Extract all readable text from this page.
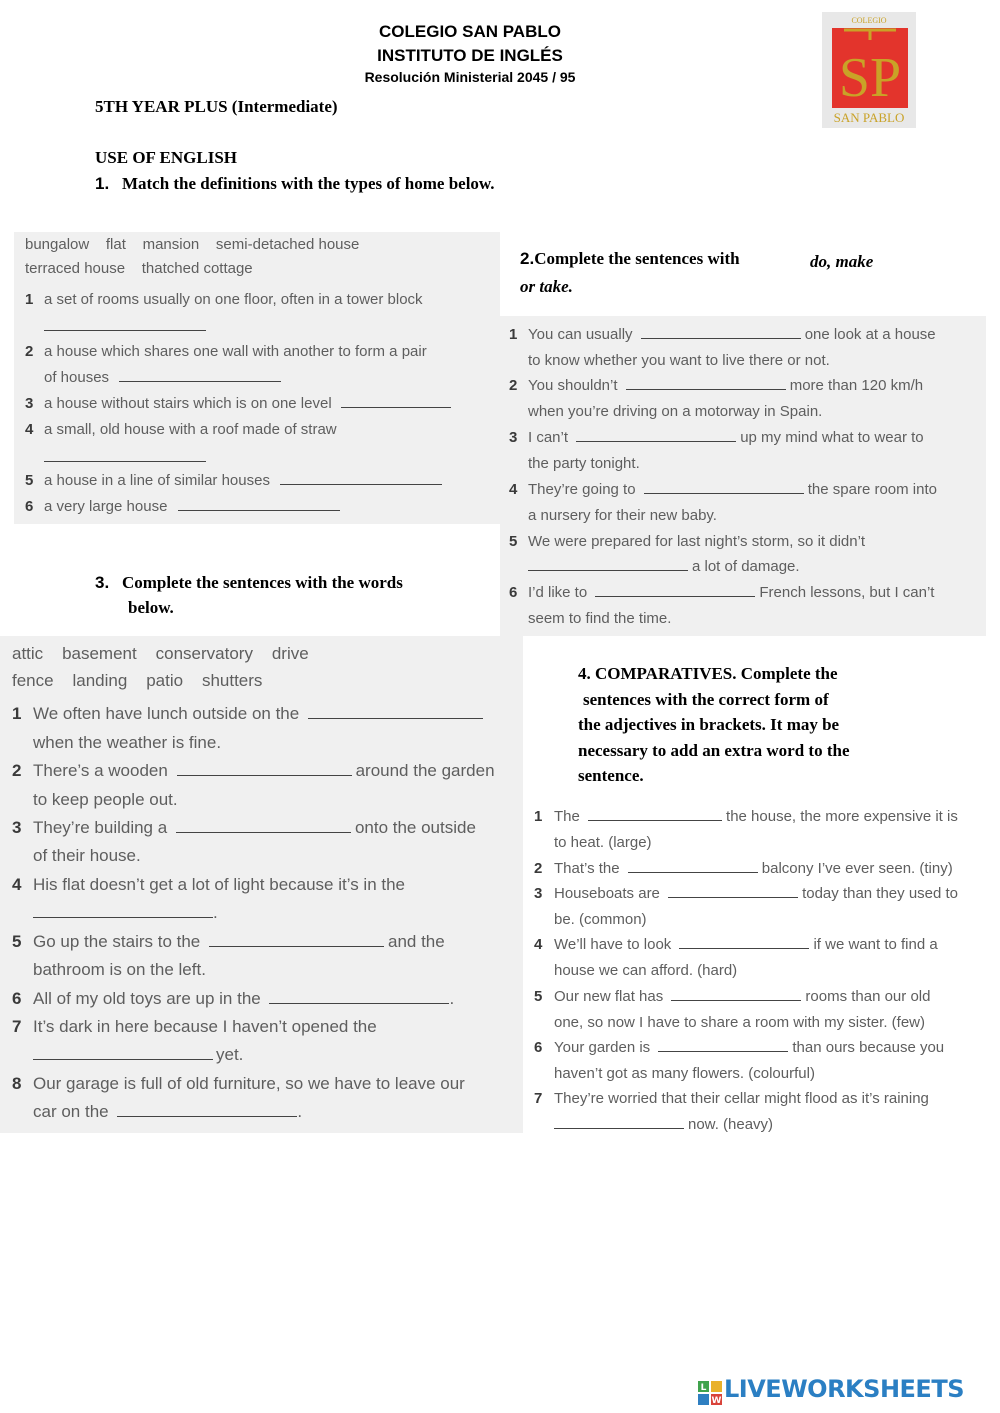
COLEGIO SAN PABLO
INSTITUTO DE INGLÉS
Resolución Ministerial 2045 / 95
5TH YEAR PLUS (Intermediate)
USE OF ENGLISH
COLEGIO
SP
SAN PABLO
1. Match the definitions with the types of home below.
bungalow    flat    mansion    semi-detached house
terraced house    thatched cottage
1 a set of rooms usually on one floor, often in a tower block
2 a house which shares one wall with another to form a pair
of houses
3 a house without stairs which is on one level
4 a small, old house with a roof made of straw
5 a house in a line of similar houses
6 a very large house
2.Complete the sentences with	do, make or take.
1 You can usually	one look at a house
to know whether you want to live there or not.
2 You shouldn’t	more than 120 km/h
when you’re driving on a motorway in Spain.
3 I can’t	up my mind what to wear to
the party tonight.
4 They’re going to	the spare room into
a nursery for their new baby.
5 We were prepared for last night’s storm, so it didn’t
a lot of damage.
6 I’d like to	French lessons, but I can’t
seem to find the time.
3. Complete the sentences with the words
below.
attic    basement    conservatory    drive
fence    landing    patio    shutters
1 We often have lunch outside on the
when the weather is fine.
2 There’s a wooden	around the garden
to keep people out.
3 They’re building a	onto the outside
of their house.
4 His flat doesn’t get a lot of light because it’s in the
.
5 Go up the stairs to the	and the
bathroom is on the left.
6 All of my old toys are up in the	.
7 It’s dark in here because I haven’t opened the
yet.
8 Our garage is full of old furniture, so we have to leave our
car on the	.
4. COMPARATIVES. Complete the
sentences with the correct form of
the adjectives in brackets. It may be
necessary to add an extra word to the
sentence.
1 The	the house, the more expensive it is
to heat. (large)
2 That’s the	balcony I’ve ever seen. (tiny)
3 Houseboats are	today than they used to
be. (common)
4 We’ll have to look	if we want to find a
house we can afford. (hard)
5 Our new flat has	rooms than our old
one, so now I have to share a room with my sister. (few)
6 Your garden is	than ours because you
haven’t got as many flowers. (colourful)
7 They’re worried that their cellar might flood as it’s raining
now. (heavy)
L
W LIVEWORKSHEETS
